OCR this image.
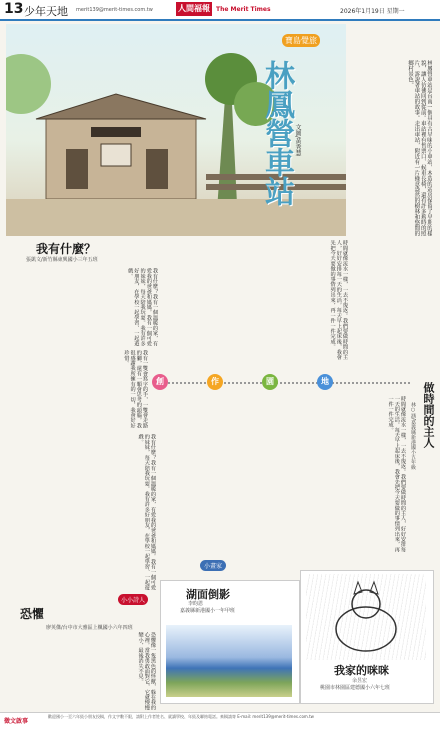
13 少年天地 merit139@merit-times.com.tw	人間福報	The Merit Times	2026年1月19日 星期一
寶島覺旅
林鳳營車站 文圖/黃秀慧	林鳳營車站是台南一個具有古早味的小車站，木造的站房保留了早期的樣貌，讓人彷彿回到從前。車站裡有售票口、候車長椅，還有許多舊時的照片，訴說著車站的故事。走出車站，附近有一片綠意盎然的樹林和悠閒的鄉村景色。
我有什麼？
張凱文/新竹縣東興國小三年五班
我有什麼？我有一個溫暖的家，有愛我的爸爸和媽媽。我有一個可愛的妹妹，每天陪我玩耍。我有許多好朋友，在學校一起學習、一起遊戲。
我有一雙會寫字的手，一雙會走路的腳，還有一顆會思考的頭腦。我很感謝我所擁有的一切，我會好好珍惜。	時間就像流水一樣，一去不復返。我們要做時間的主人，好好安排每一天的生活。每天早上起床後，我會先把今天要做的事情列出來，再一件一件完成。
創	作	園	地
做時間的主人
林○涵/嘉義縣新港國小五年級
時間就像流水一樣，一去不復返。我們要做時間的主人，好好安排每一天的生活。每天早上起床後，我會先把今天要做的事情列出來，再一件一件完成。
我有什麼？我有一個溫暖的家，有愛我的爸爸和媽媽。我有一個可愛的妹妹，每天陪我玩耍。我有許多好朋友，在學校一起學習、一起遊戲。
小畫家
湖面倒影
李昀恩
嘉義縣新港國小一年甲班
我家的咪咪
余昱宏
桃園市林園區建德國小六年七班
小小詩人
恐懼
廖英傑/台中市大雅區上楓國小六年四班
恐懼像一隻黑色的怪獸，躲在我的心裡。當我勇敢面對它，它就慢慢變小，最後消失不見。
徵文啟事
歡迎國小一至六年級小朋友投稿，作文字數不限，請附上作者姓名、就讀學校、年級及聯絡電話。來稿請寄 E-mail: merit139@merit-times.com.tw
